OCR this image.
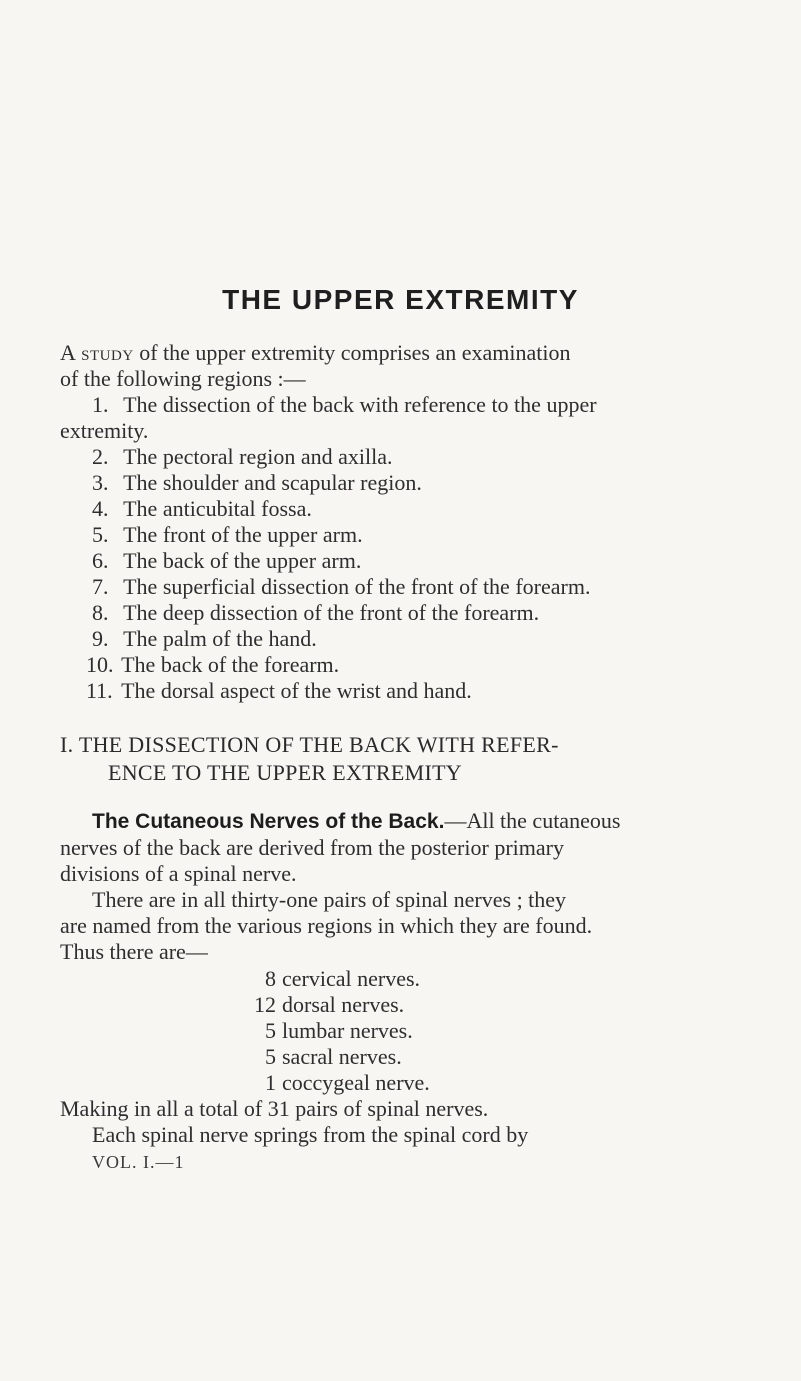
THE UPPER EXTREMITY
A study of the upper extremity comprises an examination
of the following regions :—
1. The dissection of the back with reference to the upper
extremity.
2. The pectoral region and axilla.
3. The shoulder and scapular region.
4. The anticubital fossa.
5. The front of the upper arm.
6. The back of the upper arm.
7. The superficial dissection of the front of the forearm.
8. The deep dissection of the front of the forearm.
9. The palm of the hand.
10. The back of the forearm.
11. The dorsal aspect of the wrist and hand.
I. THE DISSECTION OF THE BACK WITH REFER-
ENCE TO THE UPPER EXTREMITY
The Cutaneous Nerves of the Back.—All the cutaneous
nerves of the back are derived from the posterior primary
divisions of a spinal nerve.
There are in all thirty-one pairs of spinal nerves ; they
are named from the various regions in which they are found.
Thus there are—
8 cervical nerves.
12 dorsal nerves.
5 lumbar nerves.
5 sacral nerves.
1 coccygeal nerve.
Making in all a total of 31 pairs of spinal nerves.
Each spinal nerve springs from the spinal cord by
VOL. I.—1
